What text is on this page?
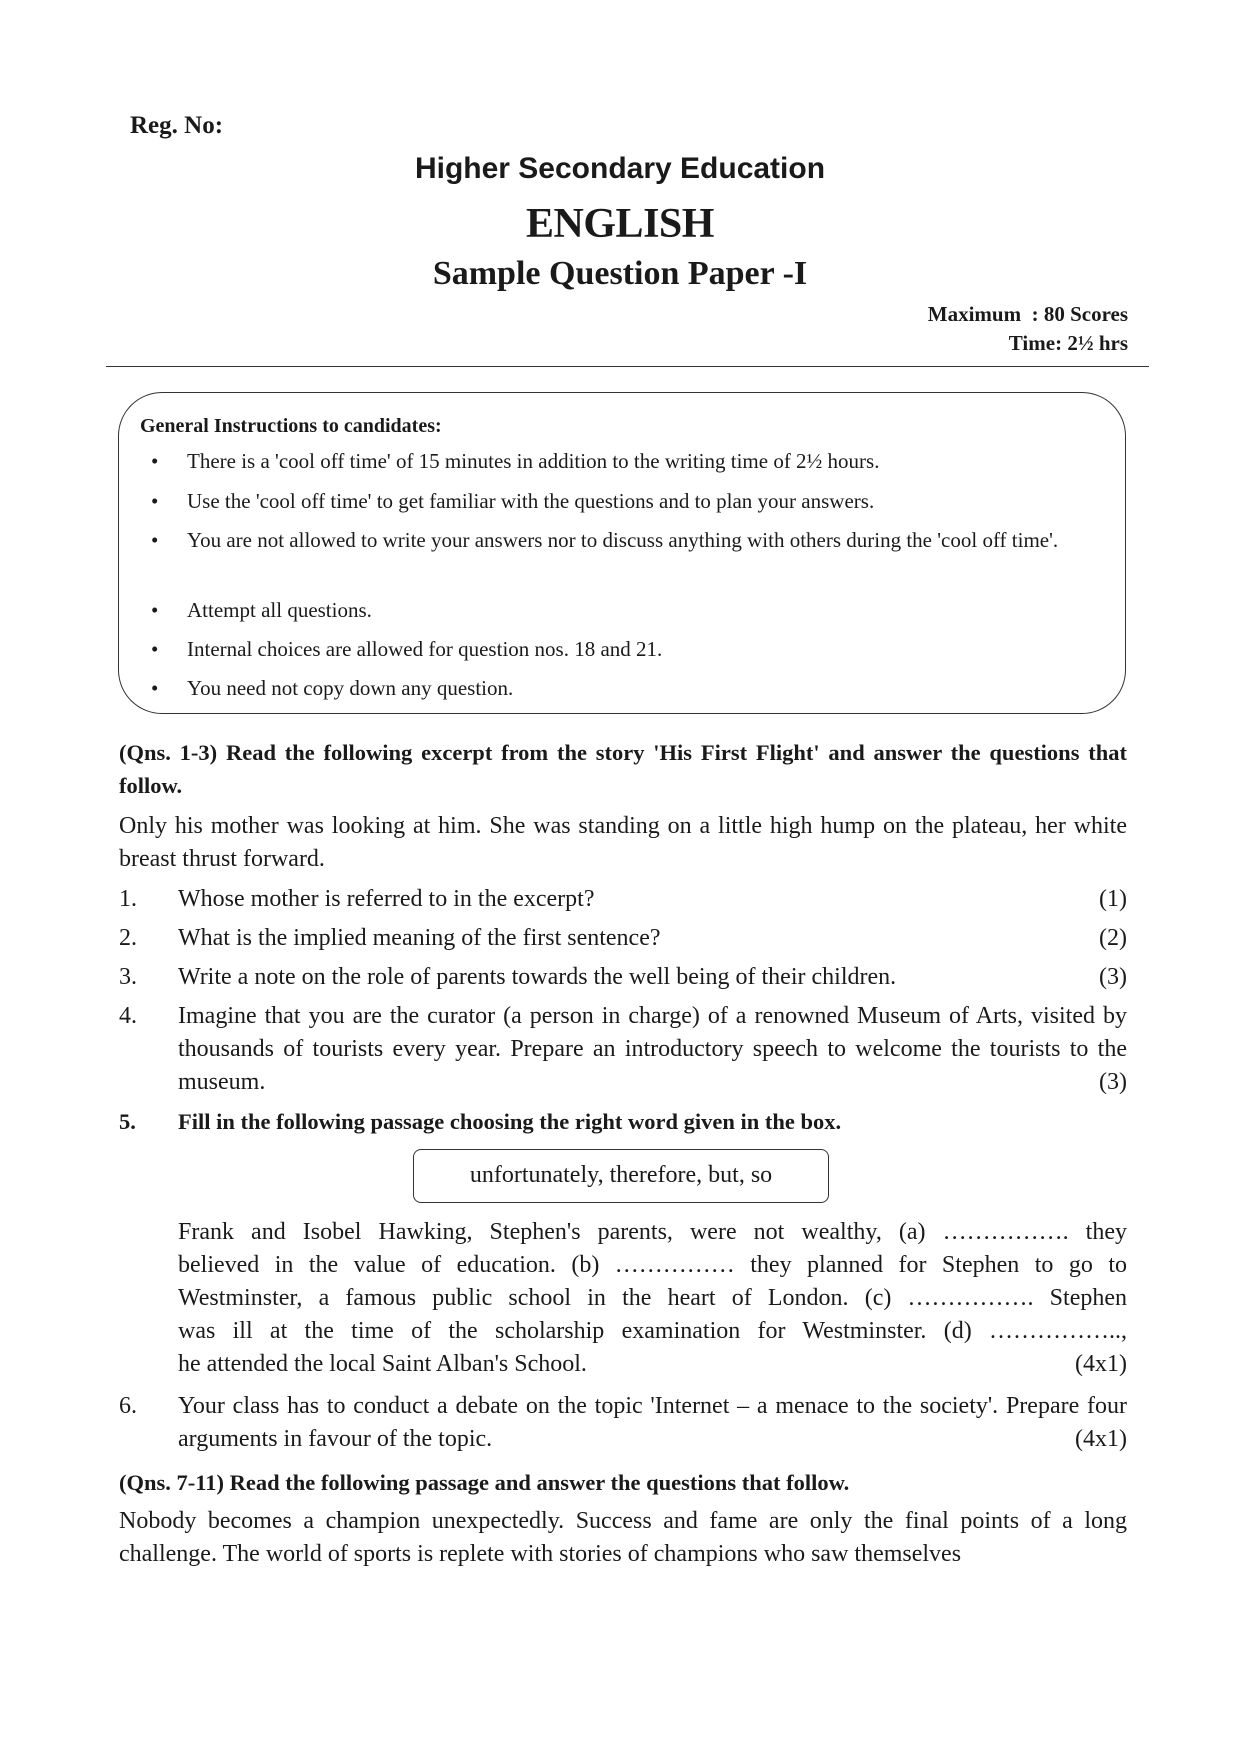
Reg. No:
Higher Secondary Education
ENGLISH
Sample Question Paper -I
Maximum  : 80 Scores
Time: 2½ hrs
General Instructions to candidates:
• There is a 'cool off time' of 15 minutes in addition to the writing time of 2½ hours.
• Use the 'cool off time' to get familiar with the questions and to plan your answers.
• You are not allowed to write your answers nor to discuss anything with others during the 'cool off time'.
• Attempt all questions.
• Internal choices are allowed for question nos. 18 and 21.
• You need not copy down any question.
(Qns. 1-3) Read the following excerpt from the story 'His First Flight' and answer the questions that follow.
Only his mother was looking at him. She was standing on a little high hump on the plateau, her white breast thrust forward.
1. Whose mother is referred to in the excerpt?	(1)
2. What is the implied meaning of the first sentence?	(2)
3. Write a note on the role of parents towards the well being of their children.	(3)
4. Imagine that you are the curator (a person in charge) of a renowned Museum of Arts, visited by thousands of tourists every year. Prepare an introductory speech to welcome the tourists to the museum.	(3)
5. Fill in the following passage choosing the right word given in the box.
unfortunately, therefore, but, so
Frank and Isobel Hawking, Stephen's parents, were not wealthy, (a) ……………. they
believed in the value of education. (b) …………… they planned for Stephen to go to
Westminster, a famous public school in the heart of London. (c) ……………. Stephen
was ill at the time of the scholarship examination for Westminster. (d) ……………..,
he attended the local Saint Alban's School.	(4x1)
6. Your class has to conduct a debate on the topic 'Internet – a menace to the society'. Prepare four arguments in favour of the topic.	(4x1)
(Qns. 7-11) Read the following passage and answer the questions that follow.
Nobody becomes a champion unexpectedly. Success and fame are only the final points of a long challenge. The world of sports is replete with stories of champions who saw themselves
